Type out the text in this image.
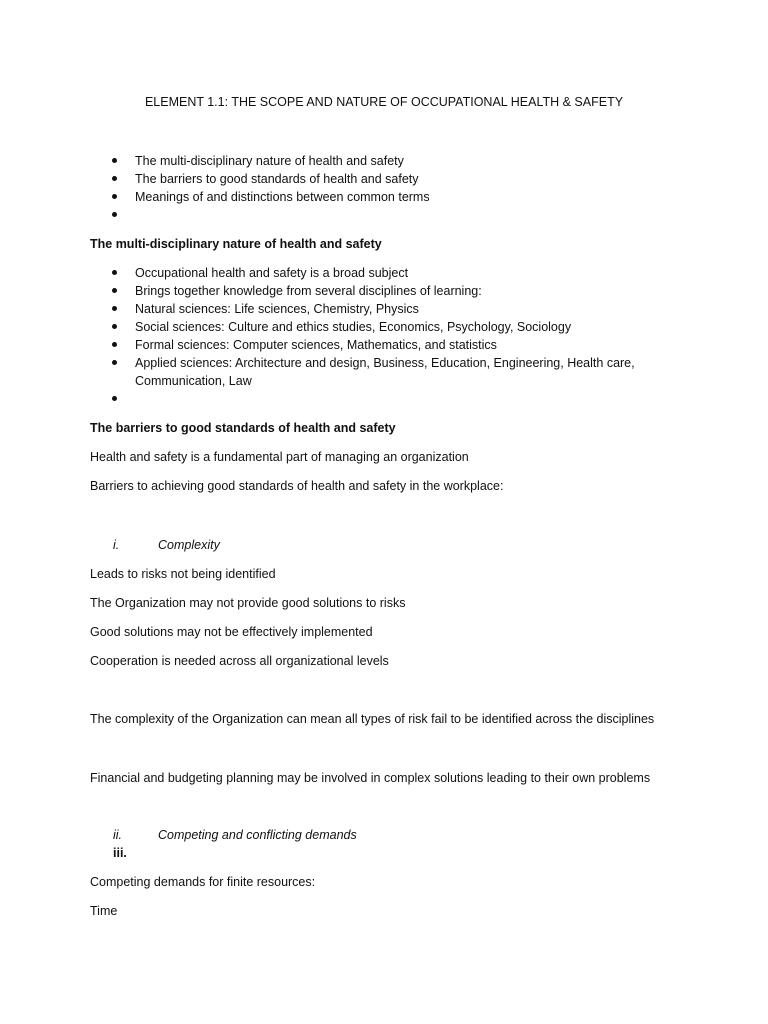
ELEMENT 1.1: THE SCOPE AND NATURE OF OCCUPATIONAL HEALTH & SAFETY
The multi-disciplinary nature of health and safety
The barriers to good standards of health and safety
Meanings of and distinctions between common terms
The multi-disciplinary nature of health and safety
Occupational health and safety is a broad subject
Brings together knowledge from several disciplines of learning:
Natural sciences: Life sciences, Chemistry, Physics
Social sciences: Culture and ethics studies, Economics, Psychology, Sociology
Formal sciences: Computer sciences, Mathematics, and statistics
Applied sciences: Architecture and design, Business, Education, Engineering, Health care, Communication, Law
The barriers to good standards of health and safety
Health and safety is a fundamental part of managing an organization
Barriers to achieving good standards of health and safety in the workplace:
i.	Complexity
Leads to risks not being identified
The Organization may not provide good solutions to risks
Good solutions may not be effectively implemented
Cooperation is needed across all organizational levels
The complexity of the Organization can mean all types of risk fail to be identified across the disciplines
Financial and budgeting planning may be involved in complex solutions leading to their own problems
ii.	Competing and conflicting demands
iii.
Competing demands for finite resources:
Time
